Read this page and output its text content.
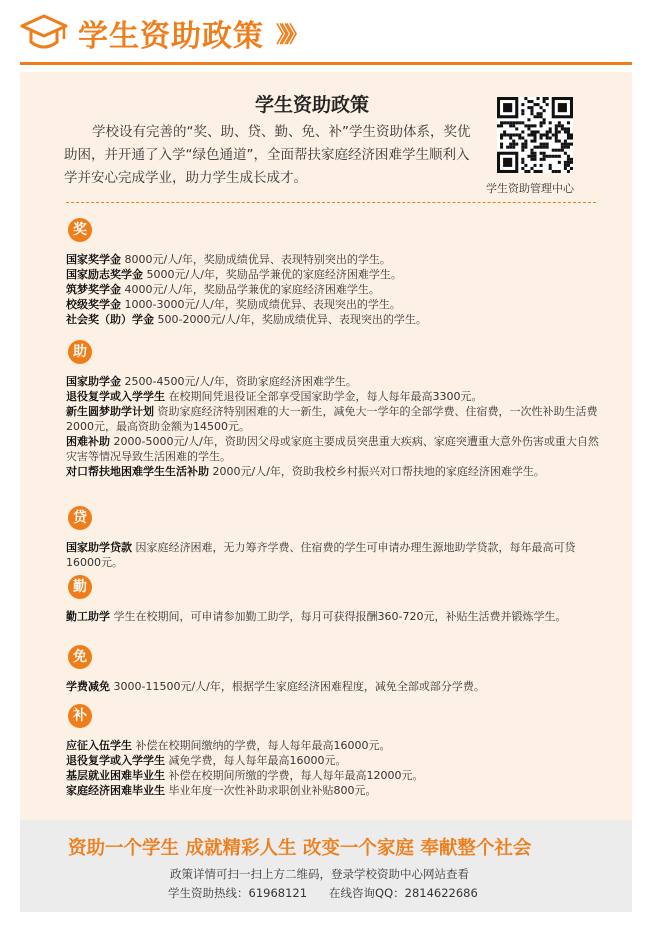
学生资助政策 》》》
学生资助政策

学校设有完善的“奖、助、贷、勤、免、补”学生资助体系，奖优助困，并开通了入学“绿色通道”，全面帮扶家庭经济困难学生顺利入学并安心完成学业，助力学生成长成才。

学生资助管理中心
奖

国家奖学金 8000元/人/年，奖励成绩优异、表现特别突出的学生。

国家励志奖学金 5000元/人/年，奖励品学兼优的家庭经济困难学生。

筑梦奖学金 4000元/人/年，奖励品学兼优的家庭经济困难学生。

校级奖学金 1000-3000元/人/年，奖励成绩优异、表现突出的学生。

社会奖（助）学金 500-2000元/人/年，奖励成绩优异、表现突出的学生。

助

国家助学金 2500-4500元/人/年，资助家庭经济困难学生。

退役复学或入学学生 在校期间凭退役证全部享受国家助学金，每人每年最高3300元。

新生圆梦助学计划 资助家庭经济特别困难的大一新生，减免大一学年的全部学费、住宿费，一次性补助生活费2000元，最高资助金额为14500元。

困难补助 2000-5000元/人/年，资助因父母或家庭主要成员突患重大疾病、家庭突遭重大意外伤害或重大自然灾害等情况导致生活困难的学生。

对口帮扶地困难学生生活补助 2000元/人/年，资助我校乡村振兴对口帮扶地的家庭经济困难学生。

贷

国家助学贷款 因家庭经济困难，无力筹齐学费、住宿费的学生可申请办理生源地助学贷款，每年最高可贷16000元。

勤

勤工助学 学生在校期间，可申请参加勤工助学，每月可获得报酬360-720元，补贴生活费并锻炼学生。

免

学费减免 3000-11500元/人/年，根据学生家庭经济困难程度，减免全部或部分学费。

补

应征入伍学生 补偿在校期间缴纳的学费，每人每年最高16000元。

退役复学或入学学生 减免学费，每人每年最高16000元。

基层就业困难毕业生 补偿在校期间所缴的学费，每人每年最高12000元。

家庭经济困难毕业生 毕业年度一次性补助求职创业补贴800元。

资助一个学生 成就精彩人生 改变一个家庭 奉献整个社会
政策详情可扫一扫上方二维码，登录学校资助中心网站查看
学生资助热线：61968121 在线咨询QQ：2814622686
